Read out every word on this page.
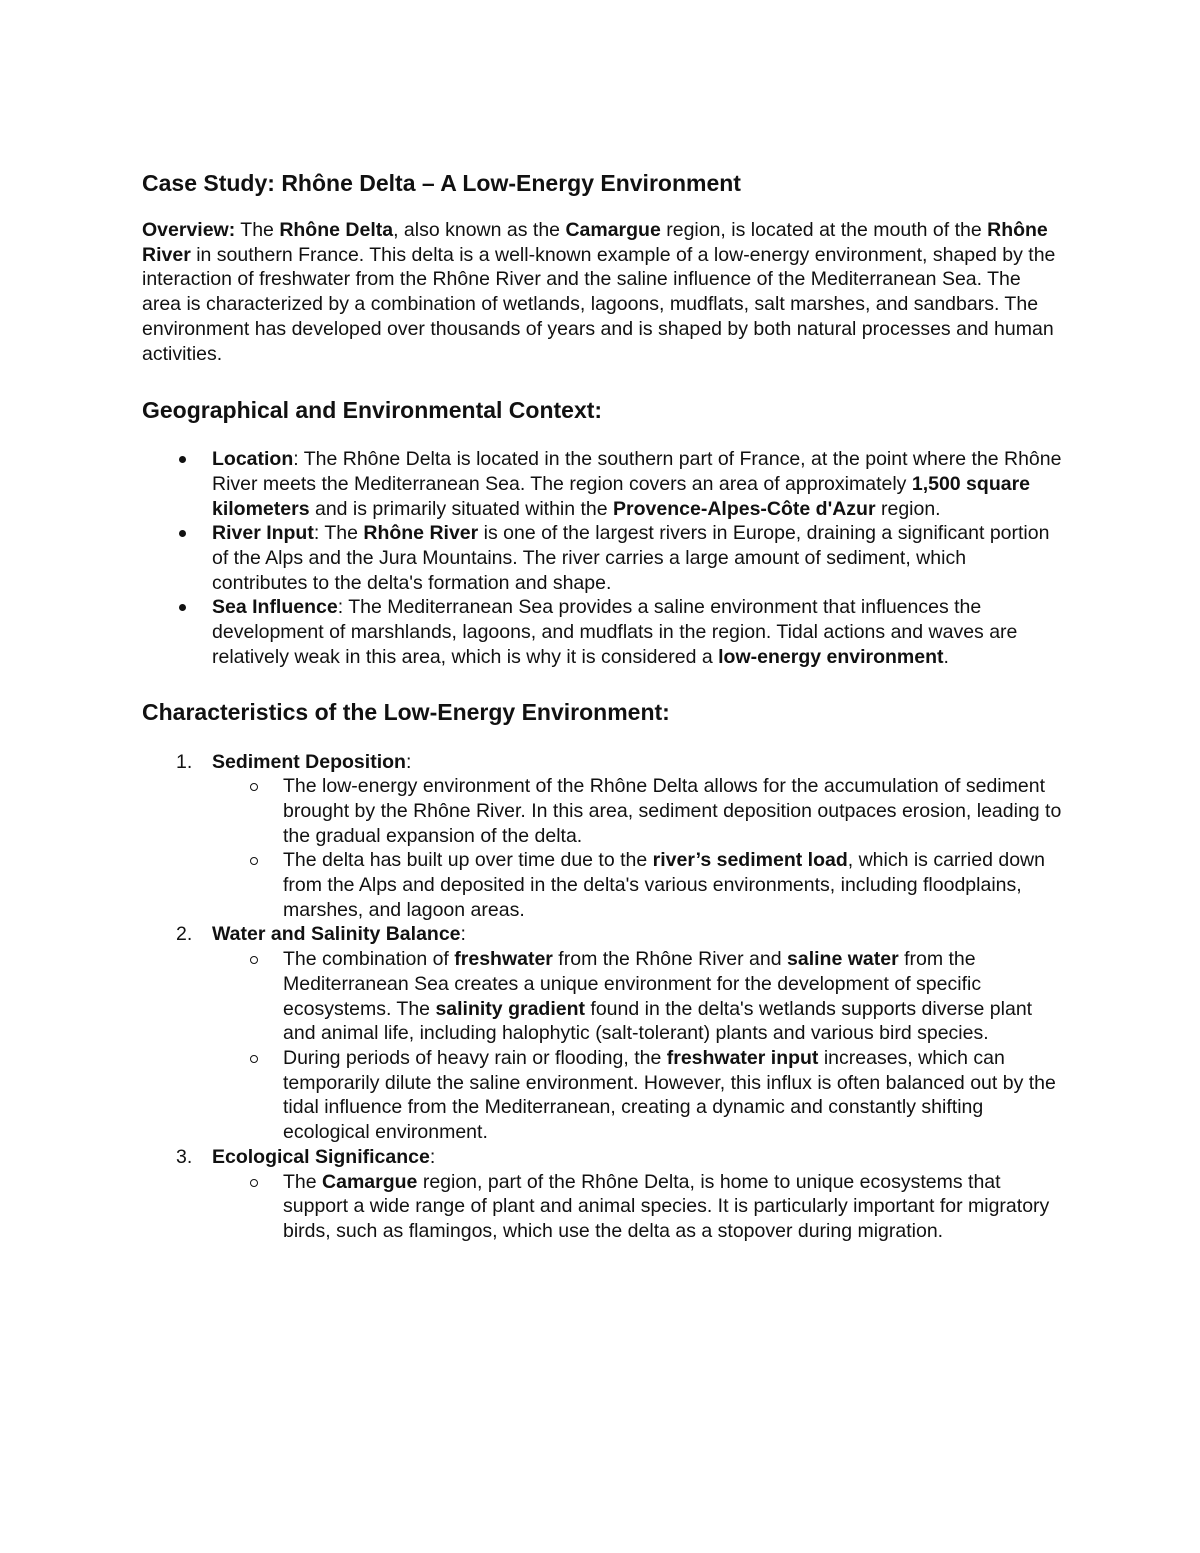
Case Study: Rhône Delta – A Low-Energy Environment

Overview: The Rhône Delta, also known as the Camargue region, is located at the mouth of the Rhône River in southern France. This delta is a well-known example of a low-energy environment, shaped by the interaction of freshwater from the Rhône River and the saline influence of the Mediterranean Sea. The area is characterized by a combination of wetlands, lagoons, mudflats, salt marshes, and sandbars. The environment has developed over thousands of years and is shaped by both natural processes and human activities.

Geographical and Environmental Context:
Location: The Rhône Delta is located in the southern part of France, at the point where the Rhône River meets the Mediterranean Sea. The region covers an area of approximately 1,500 square kilometers and is primarily situated within the Provence-Alpes-Côte d'Azur region.
River Input: The Rhône River is one of the largest rivers in Europe, draining a significant portion of the Alps and the Jura Mountains. The river carries a large amount of sediment, which contributes to the delta's formation and shape.
Sea Influence: The Mediterranean Sea provides a saline environment that influences the development of marshlands, lagoons, and mudflats in the region. Tidal actions and waves are relatively weak in this area, which is why it is considered a low-energy environment.
Characteristics of the Low-Energy Environment:
1. Sediment Deposition:
The low-energy environment of the Rhône Delta allows for the accumulation of sediment brought by the Rhône River. In this area, sediment deposition outpaces erosion, leading to the gradual expansion of the delta.
The delta has built up over time due to the river’s sediment load, which is carried down from the Alps and deposited in the delta's various environments, including floodplains, marshes, and lagoon areas.
2. Water and Salinity Balance:
The combination of freshwater from the Rhône River and saline water from the Mediterranean Sea creates a unique environment for the development of specific ecosystems. The salinity gradient found in the delta's wetlands supports diverse plant and animal life, including halophytic (salt-tolerant) plants and various bird species.
During periods of heavy rain or flooding, the freshwater input increases, which can temporarily dilute the saline environment. However, this influx is often balanced out by the tidal influence from the Mediterranean, creating a dynamic and constantly shifting ecological environment.
3. Ecological Significance:
The Camargue region, part of the Rhône Delta, is home to unique ecosystems that support a wide range of plant and animal species. It is particularly important for migratory birds, such as flamingos, which use the delta as a stopover during migration.
